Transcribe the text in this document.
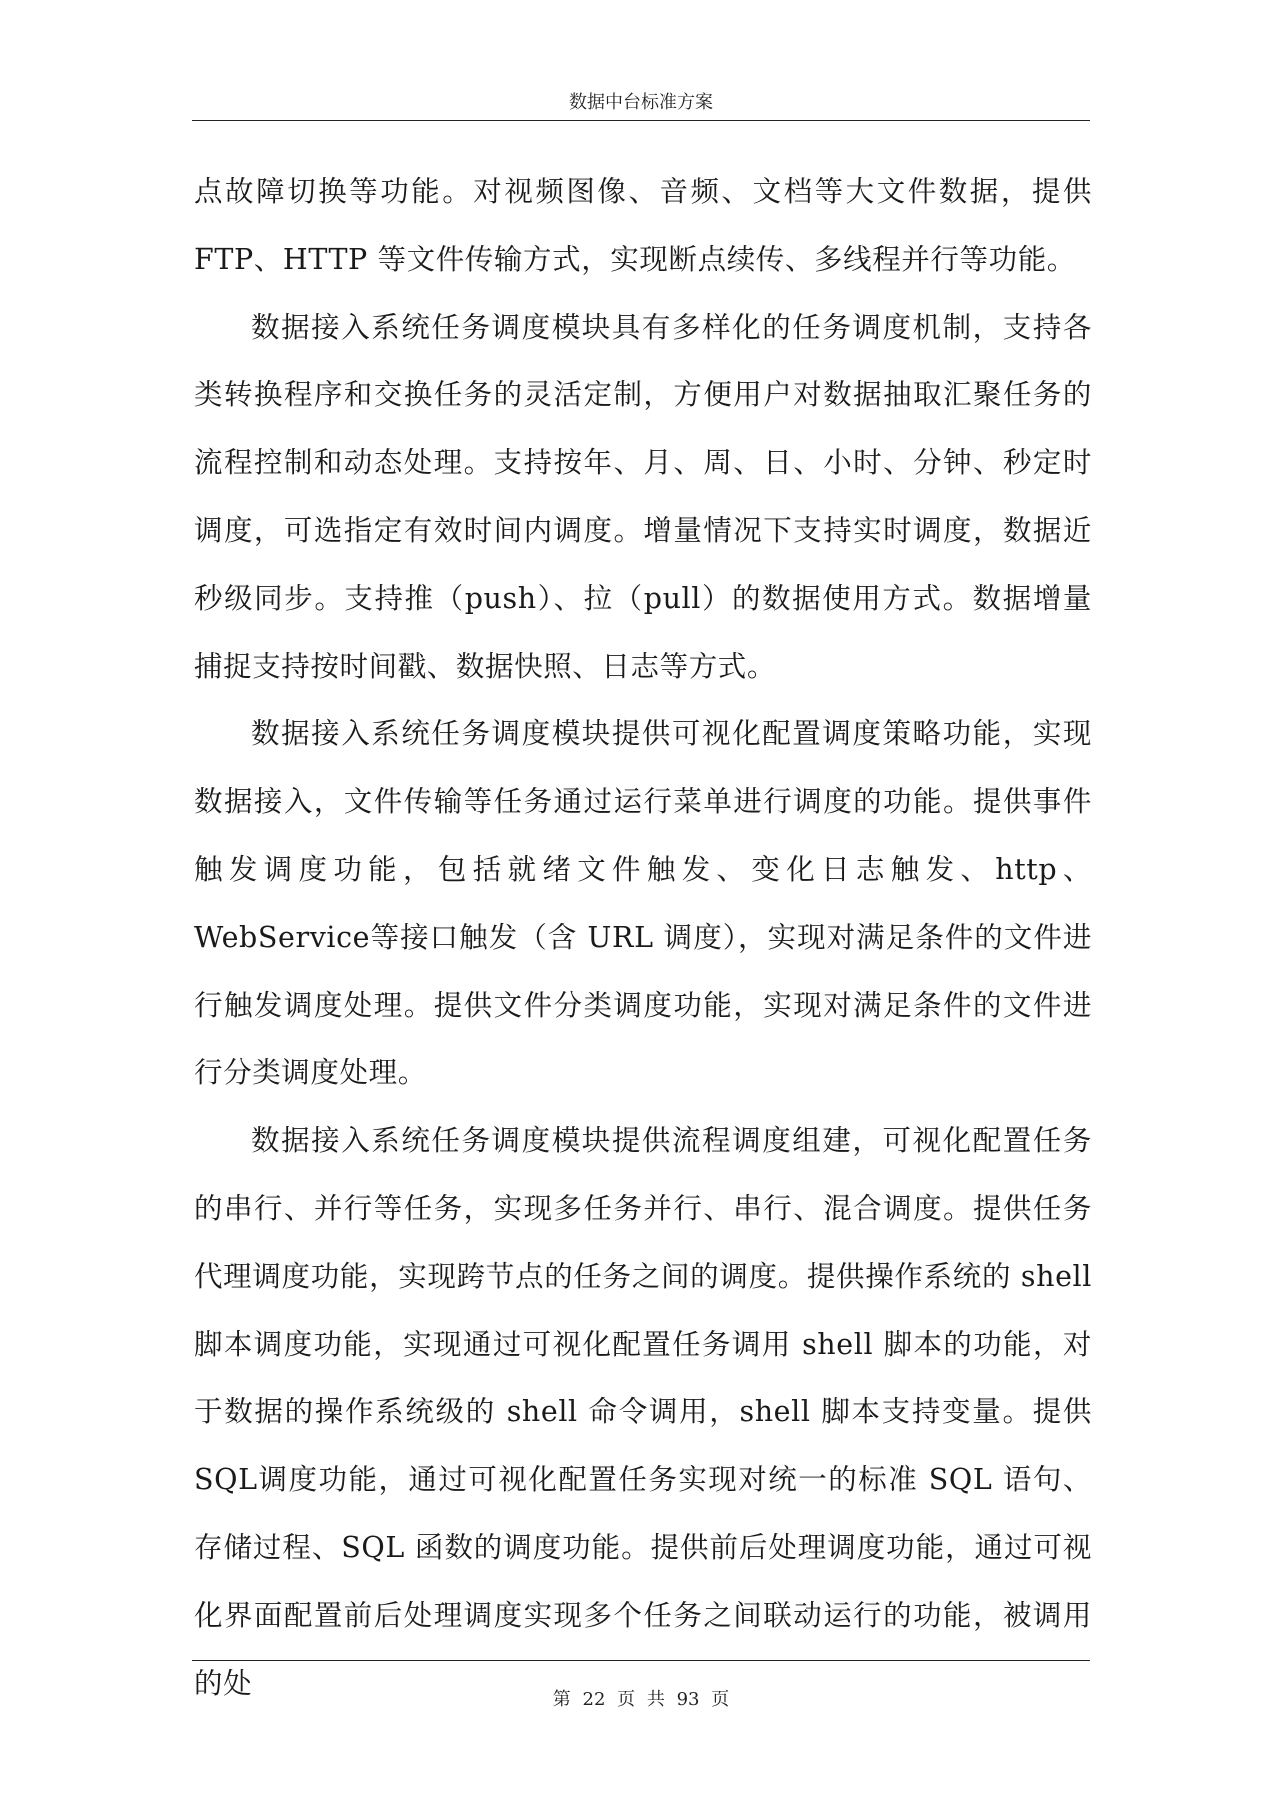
数据中台标准方案

点故障切换等功能。对视频图像、音频、文档等大文件数据，提供FTP、HTTP 等文件传输方式，实现断点续传、多线程并行等功能。

数据接入系统任务调度模块具有多样化的任务调度机制，支持各类转换程序和交换任务的灵活定制，方便用户对数据抽取汇聚任务的流程控制和动态处理。支持按年、月、周、日、小时、分钟、秒定时调度，可选指定有效时间内调度。增量情况下支持实时调度，数据近秒级同步。支持推（push）、拉（pull）的数据使用方式。数据增量捕捉支持按时间戳、数据快照、日志等方式。

数据接入系统任务调度模块提供可视化配置调度策略功能，实现数据接入，文件传输等任务通过运行菜单进行调度的功能。提供事件触发调度功能，包括就绪文件触发、变化日志触发、http、WebService等接口触发（含 URL 调度），实现对满足条件的文件进行触发调度处理。提供文件分类调度功能，实现对满足条件的文件进行分类调度处理。

数据接入系统任务调度模块提供流程调度组建，可视化配置任务的串行、并行等任务，实现多任务并行、串行、混合调度。提供任务代理调度功能，实现跨节点的任务之间的调度。提供操作系统的 shell脚本调度功能，实现通过可视化配置任务调用 shell 脚本的功能，对于数据的操作系统级的 shell 命令调用，shell 脚本支持变量。提供 SQL调度功能，通过可视化配置任务实现对统一的标准 SQL 语句、存储过程、SQL 函数的调度功能。提供前后处理调度功能，通过可视化界面配置前后处理调度实现多个任务之间联动运行的功能，被调用的处	第 22 页 共 93 页
